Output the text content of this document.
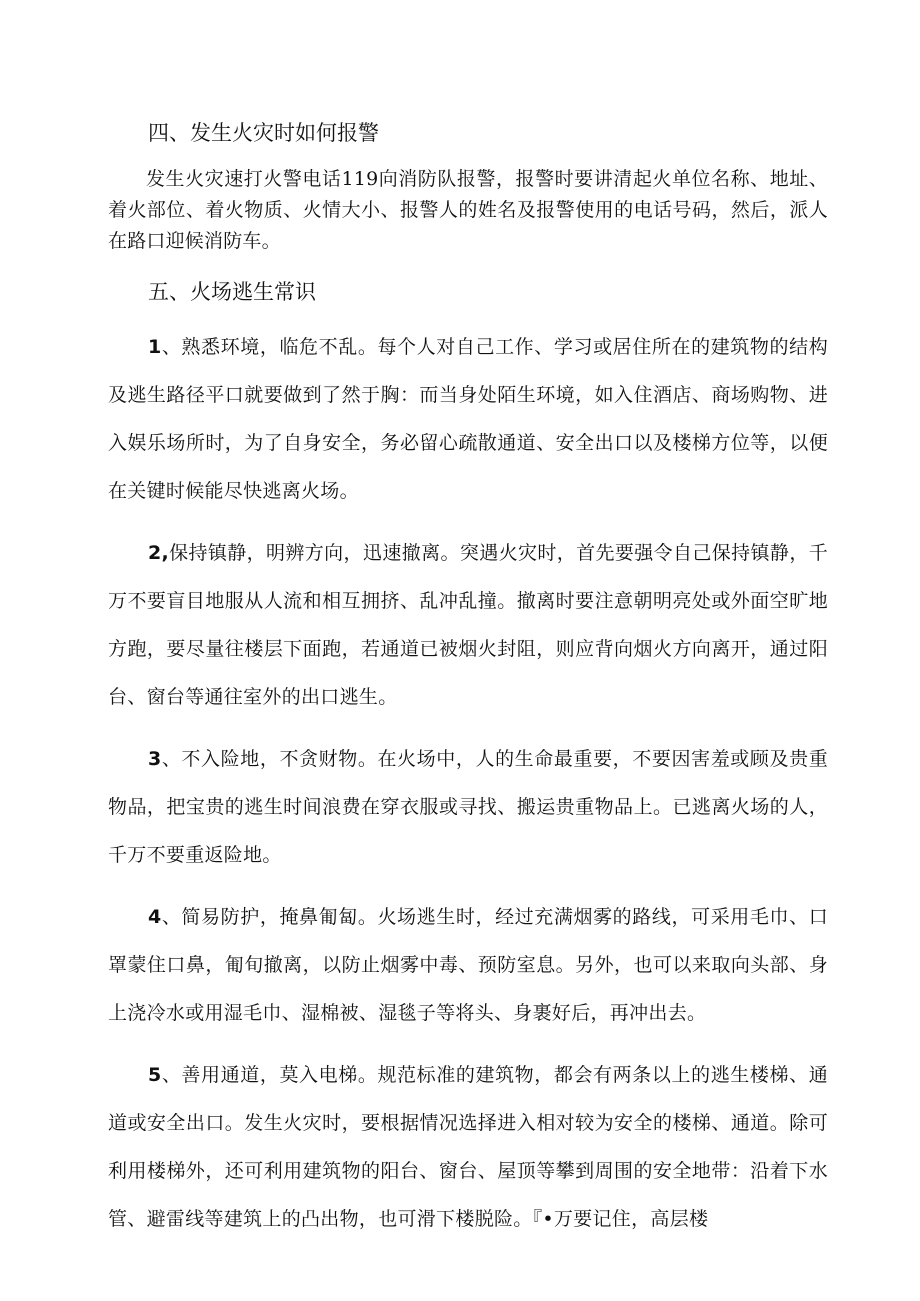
四、发生火灾时如何报警

发生火灾速打火警电话119向消防队报警，报警时要讲清起火单位名称、地址、着火部位、着火物质、火情大小、报警人的姓名及报警使用的电话号码，然后，派人在路口迎候消防车。

五、火场逃生常识

1、熟悉环境，临危不乱。每个人对自己工作、学习或居住所在的建筑物的结构及逃生路径平口就要做到了然于胸：而当身处陌生环境，如入住酒店、商场购物、进入娱乐场所时，为了自身安全，务必留心疏散通道、安全出口以及楼梯方位等，以便在关键时候能尽快逃离火场。

2,保持镇静，明辨方向，迅速撤离。突遇火灾时，首先要强令自己保持镇静，千万不要盲目地服从人流和相互拥挤、乱冲乱撞。撤离时要注意朝明亮处或外面空旷地方跑，要尽量往楼层下面跑，若通道已被烟火封阻，则应背向烟火方向离开，通过阳台、窗台等通往室外的出口逃生。

3、不入险地，不贪财物。在火场中，人的生命最重要，不要因害羞或顾及贵重物品，把宝贵的逃生时间浪费在穿衣服或寻找、搬运贵重物品上。已逃离火场的人，千万不要重返险地。

4、简易防护，掩鼻匍匐。火场逃生时，经过充满烟雾的路线，可采用毛巾、口罩蒙住口鼻，匍旬撤离，以防止烟雾中毒、预防室息。另外，也可以来取向头部、身上浇冷水或用湿毛巾、湿棉被、湿毯子等将头、身裹好后，再冲出去。

5、善用通道，莫入电梯。规范标准的建筑物，都会有两条以上的逃生楼梯、通道或安全出口。发生火灾时，要根据情况选择进入相对较为安全的楼梯、通道。除可利用楼梯外，还可利用建筑物的阳台、窗台、屋顶等攀到周围的安全地带：沿着下水管、避雷线等建筑上的凸出物，也可滑下楼脱险。『•万要记住，高层楼
